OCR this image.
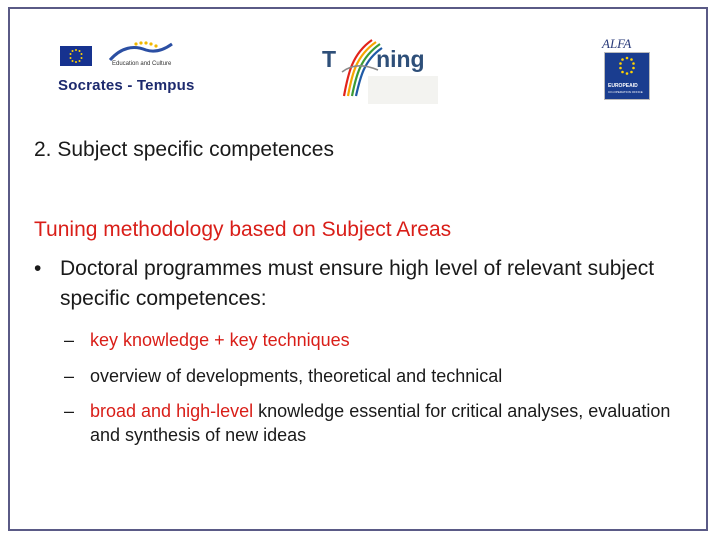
Education and Culture
Socrates - Tempus
T ning
ALFA
EUROPEAID
CO-OPERATION OFFICE
2. Subject specific competences
Tuning methodology based on Subject Areas
• Doctoral programmes must ensure high level of relevant subject specific competences:
– key knowledge + key techniques
– overview of developments, theoretical and technical
– broad and high-level knowledge essential for critical analyses, evaluation and synthesis of new ideas
